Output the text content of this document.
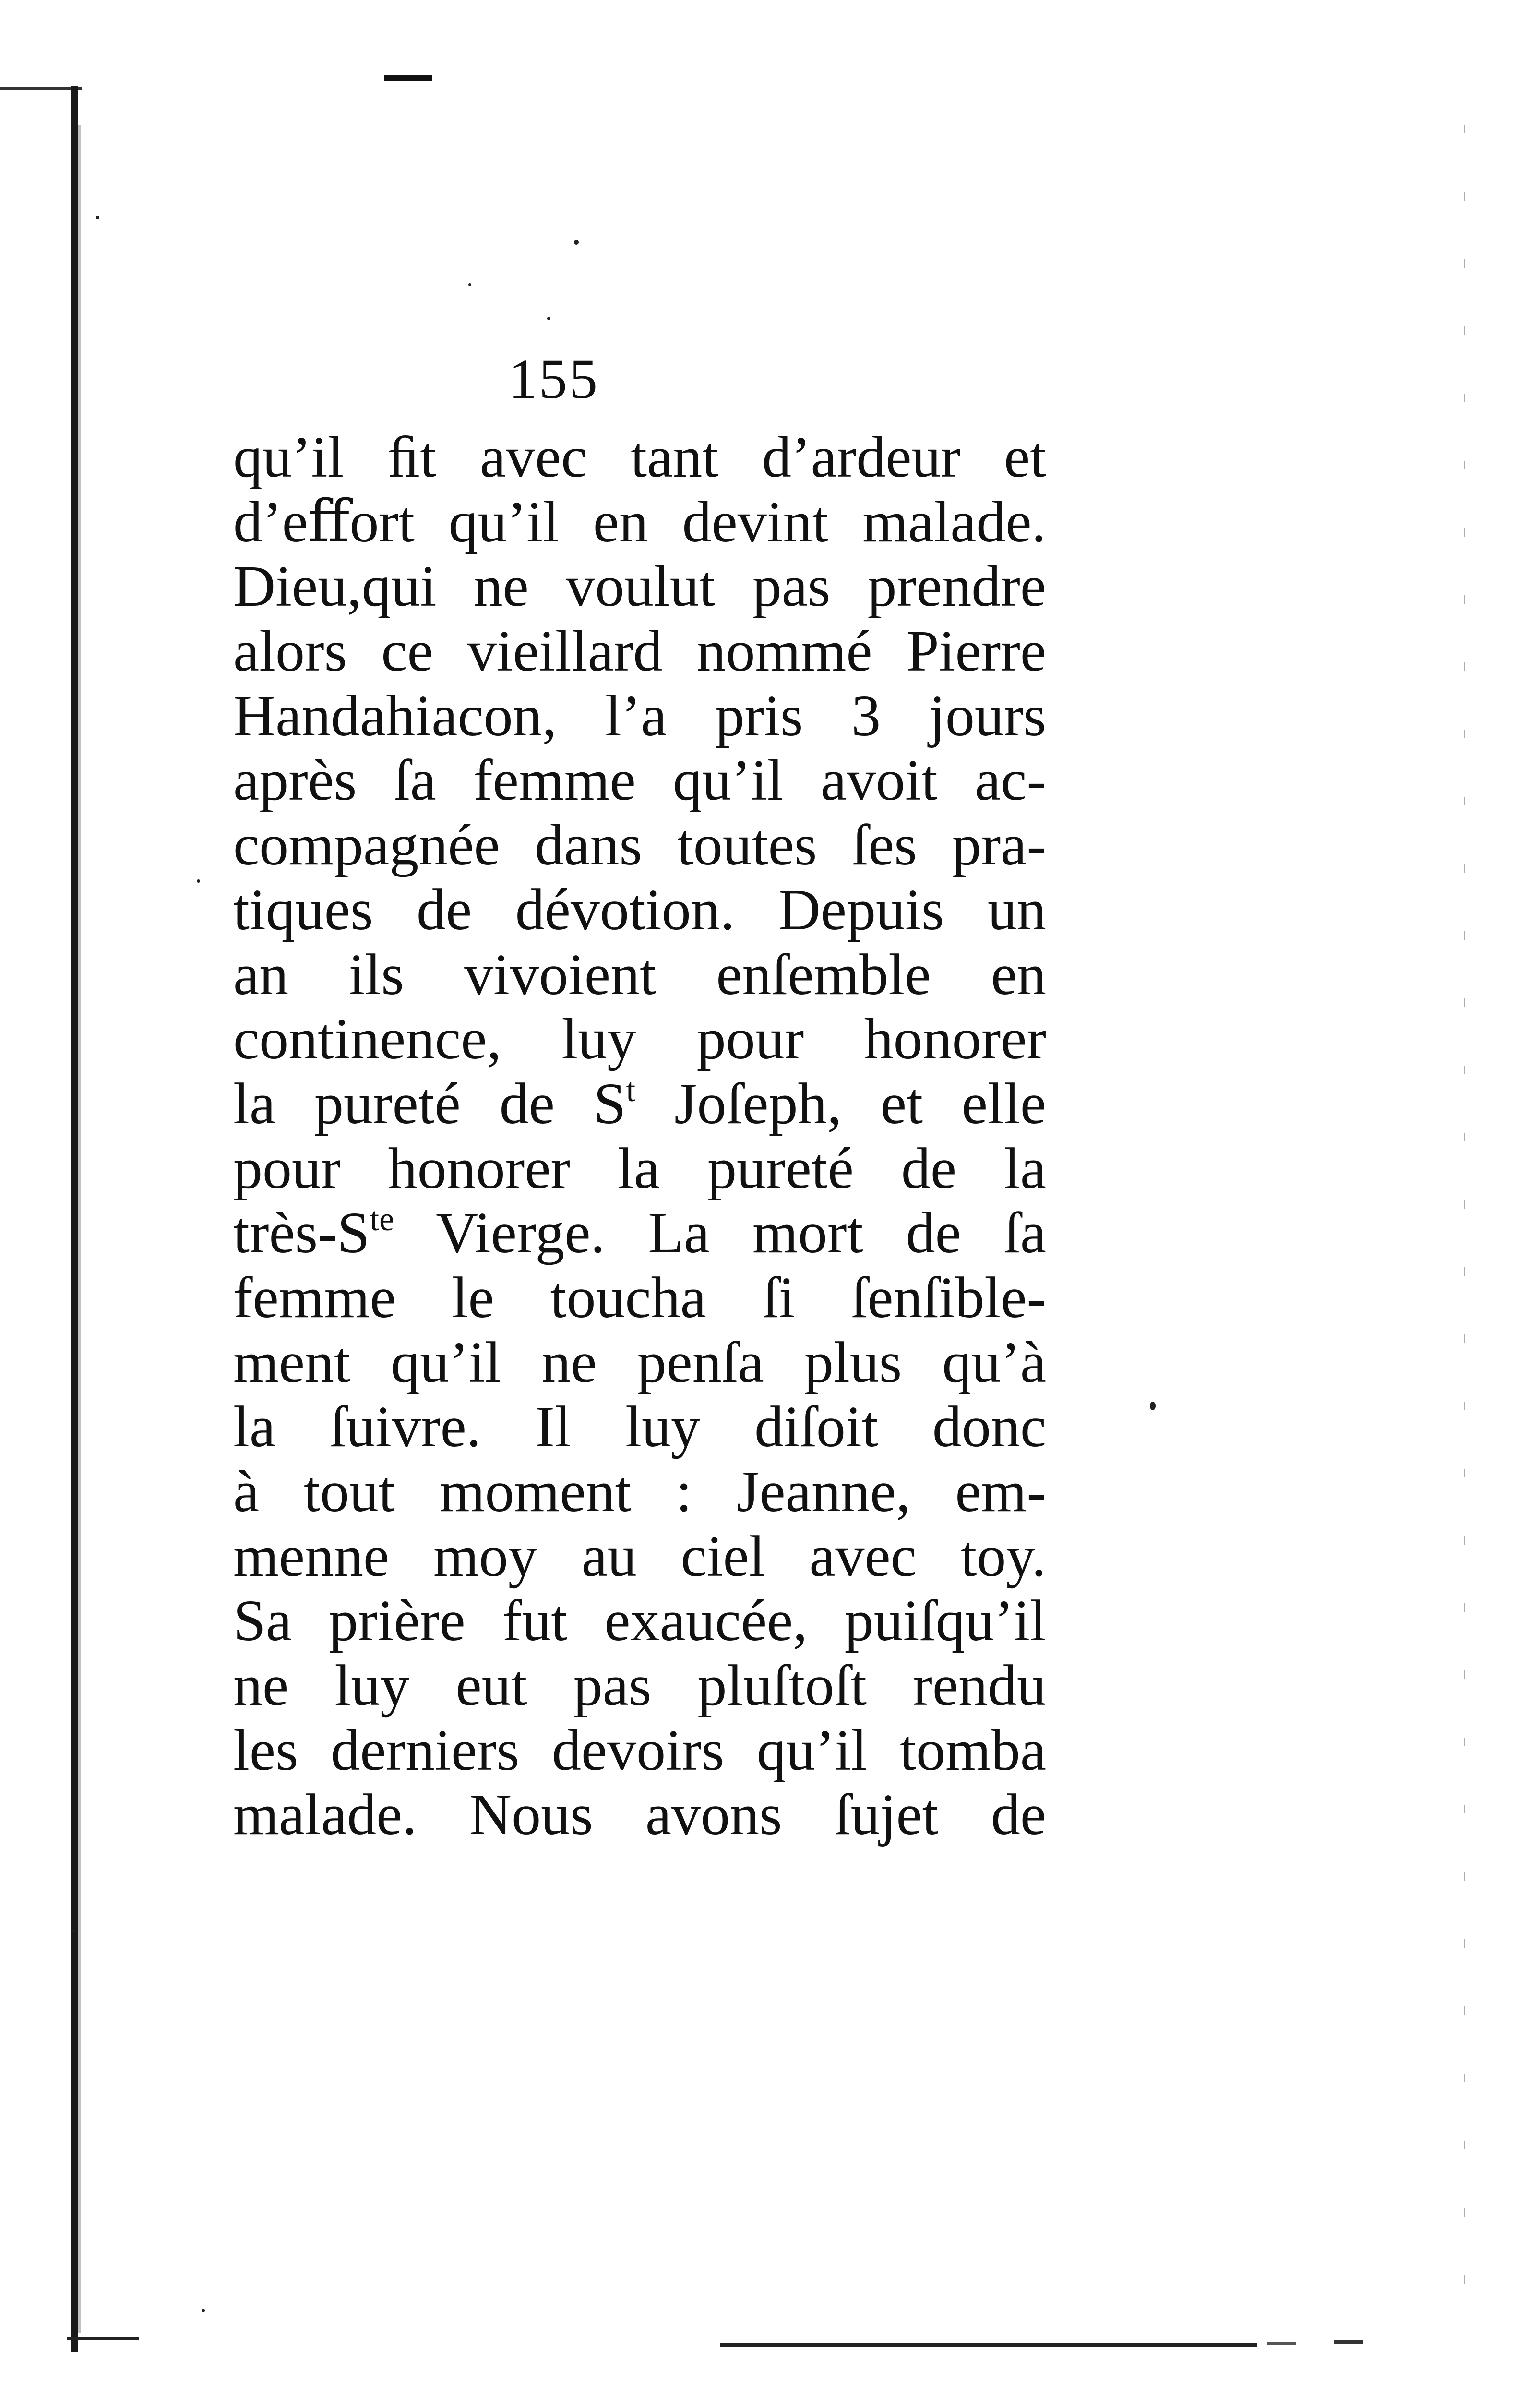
155
qu’il ﬁt avec tant d’ardeur et
d’eﬀort qu’il en devint malade.
Dieu,qui ne voulut pas prendre
alors ce vieillard nommé Pierre
Handahiacon, l’a pris 3 jours
après ſa femme qu’il avoit ac-
compagnée dans toutes ſes pra-
tiques de dévotion. Depuis un
an ils vivoient enſemble en
continence, luy pour honorer
la pureté de $S^t$ Joſeph, et elle
pour honorer la pureté de la
très-$S^{te}$ Vierge. La mort de ſa
femme le toucha ſi ſenſible-
ment qu’il ne penſa plus qu’à
la ſuivre. Il luy diſoit donc
à tout moment : Jeanne, em-
menne moy au ciel avec toy.
Sa prière fut exaucée, puiſqu’il
ne luy eut pas pluſtoſt rendu
les derniers devoirs qu’il tomba
malade. Nous avons ſujet de
